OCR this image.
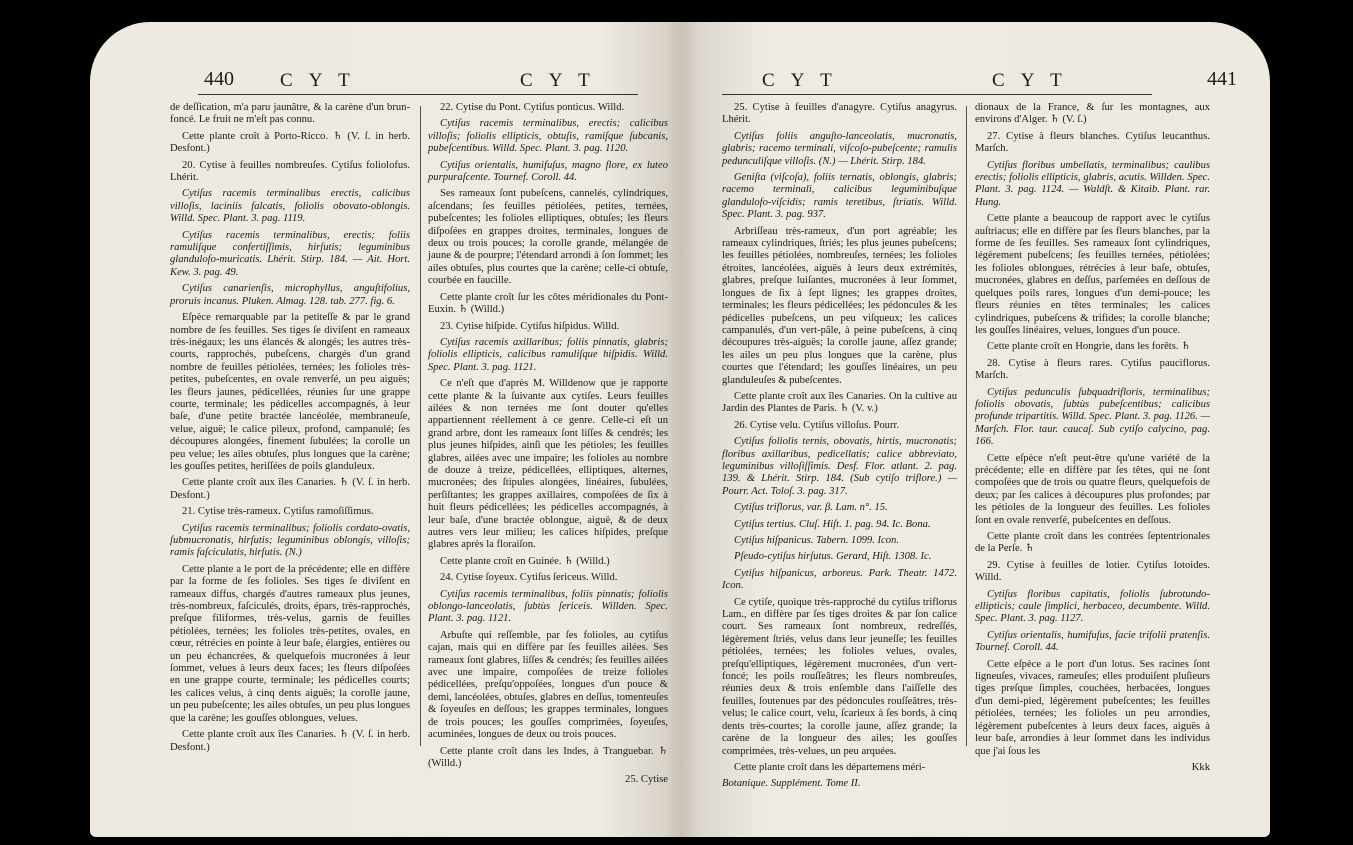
440 C Y T	C Y T

de deſſication, m'a paru jaunâtre, & la carène d'un brun-foncé. Le fruit ne m'eſt pas connu.

Cette plante croît à Porto-Ricco. ♄ (V. ſ. in herb. Desfont.)

20. Cytise à feuilles nombreuſes. Cytiſus foliolofus. Lhérit.

Cytiſus racemis terminalibus erectis, calicibus villoſis, laciniis falcatis, foliolis obovato-oblongis. Willd. Spec. Plant. 3. pag. 1119.

Cytiſus racemis terminalibus, erectis; foliis ramuliſque confertiſſimis, hirſutis; leguminibus glandulofo-muricatis. Lhérit. Stirp. 184. — Ait. Hort. Kew. 3. pag. 49.

Cytiſus canarienſis, microphyllus, anguſtifolius, proruis incanus. Pluken. Almag. 128. tab. 277. fig. 6.

Eſpèce remarquable par la petiteſſe & par le grand nombre de ſes feuilles. Ses tiges ſe diviſent en rameaux très-inégaux; les uns élancés & alongés; les autres très-courts, rapprochés, pubeſcens, chargés d'un grand nombre de feuilles pétiolées, ternées; les folioles très-petites, pubeſcentes, en ovale renverſé, un peu aiguës; les fleurs jaunes, pédicellées, réunies ſur une grappe courte, terminale; les pédicelles accompagnés, à leur baſe, d'une petite bractée lancéolée, membraneuſe, velue, aiguë; le calice pileux, profond, campanulé; ſes découpures alongées, finement ſubulées; la corolle un peu velue; les ailes obtuſes, plus longues que la carène; les gouſſes petites, heriſſées de poils glanduleux.

Cette plante croît aux îles Canaries. ♄ (V. ſ. in herb. Desfont.)

21. Cytise très-rameux. Cytiſus ramoſiſſimus.

Cytiſus racemis terminalibus; foliolis cordato-ovatis, ſubmucronatis, hirſutis; leguminibus oblongis, villoſis; ramis faſciculatis, hirſutis. (N.)

Cette plante a le port de la précédente; elle en diffère par la forme de ſes folioles. Ses tiges ſe diviſent en rameaux diffus, chargés d'autres rameaux plus jeunes, très-nombreux, faſciculés, droits, épars, très-rapprochés, preſque filiformes, très-velus, garnis de feuilles pétiolées, ternées; les folioles très-petites, ovales, en cœur, rétrécies en pointe à leur baſe, élargies, entières ou un peu échancrées, & quelquefois mucronées à leur ſommet, velues à leurs deux faces; les fleurs diſpoſées en une grappe courte, terminale; les pédicelles courts; les calices velus, à cinq dents aiguës; la corolle jaune, un peu pubeſcente; les ailes obtuſes, un peu plus longues que la carène; les gouſſes oblongues, velues.

Cette plante croît aux îles Canaries. ♄ (V. ſ. in herb. Desfont.)

22. Cytise du Pont. Cytiſus ponticus. Willd.

Cytiſus racemis terminalibus, erectis; calicibus villoſis; foliolis ellipticis, obtuſis, ramiſque ſubcanis, pubeſcentibus. Willd. Spec. Plant. 3. pag. 1120.

Cytiſus orientalis, humifuſus, magno flore, ex luteo purpuraſcente. Tournef. Coroll. 44.

Ses rameaux ſont pubeſcens, cannelés, cylindriques, aſcendans; ſes feuilles pétiolées, petites, ternées, pubeſcentes; les folioles elliptiques, obtuſes; les fleurs diſpoſées en grappes droites, terminales, longues de deux ou trois pouces; la corolle grande, mélangée de jaune & de pourpre; l'étendard arrondi à ſon ſommet; les ailes obtuſes, plus courtes que la carène; celle-ci obtuſe, courbée en faucille.

Cette plante croît ſur les côtes méridionales du Pont-Euxin. ♄ (Willd.)

23. Cytise hiſpide. Cytiſus hiſpidus. Willd.

Cytiſus racemis axillaribus; foliis pinnatis, glabris; foliolis ellipticis, calicibus ramuliſque hiſpidis. Willd. Spec. Plant. 3. pag. 1121.

Ce n'eſt que d'après M. Willdenow que je rapporte cette plante & la ſuivante aux cytiſes. Leurs feuilles ailées & non ternées me ſont douter qu'elles appartiennent réellement à ce genre. Celle-ci eſt un grand arbre, dont les rameaux ſont liſſes & cendrés; les plus jeunes hiſpides, ainſi que les pétioles; les feuilles glabres, ailées avec une impaire; les folioles au nombre de douze à treize, pédicellées, elliptiques, alternes, mucronées; des ſtipules alongées, linéaires, ſubulées, perſiſtantes; les grappes axillaires, compoſées de ſix à huit fleurs pédicellées; les pédicelles accompagnés, à leur baſe, d'une bractée oblongue, aiguë, & de deux autres vers leur milieu; les calices hiſpides, preſque glabres après la floraiſon.

Cette plante croît en Guinée. ♄ (Willd.)

24. Cytise ſoyeux. Cytiſus ſericeus. Willd.

Cytiſus racemis terminalibus, foliis pinnatis; foliolis oblongo-lanceolatis, ſubtùs ſericeis. Willden. Spec. Plant. 3. pag. 1121.

Arbuſte qui reſſemble, par ſes folioles, au cytiſus cajan, mais qui en diffère par ſes feuilles ailées. Ses rameaux ſont glabres, liſſes & cendrés; ſes feuilles ailées avec une impaire, compoſées de treize folioles pédicellées, preſqu'oppoſées, longues d'un pouce & demi, lancéolées, obtuſes, glabres en deſſus, tomenteuſes & ſoyeuſes en deſſous; les grappes terminales, longues de trois pouces; les gouſſes comprimées, ſoyeuſes, acuminées, longues de deux ou trois pouces.

Cette plante croît dans les Indes, à Tranguebar. ♄ (Willd.)

25. Cytise

C Y T	C Y T	441

25. Cytise à feuilles d'anagyre. Cytiſus anagyrus. Lhérit.

Cytiſus foliis anguſto-lanceolatis, mucronatis, glabris; racemo terminali, viſcoſo-pubeſcente; ramulis pedunculiſque villoſis. (N.) — Lhérit. Stirp. 184.

Geniſta (viſcoſa), foliis ternatis, oblongis, glabris; racemo terminali, calicibus leguminibuſque glandulofo-viſcidis; ramis teretibus, ſtriatis. Willd. Spec. Plant. 3. pag. 937.

Arbriſſeau très-rameux, d'un port agréable; les rameaux cylindriques, ſtriés; les plus jeunes pubeſcens; les feuilles pétiolées, nombreuſes, ternées; les folioles étroites, lancéolées, aiguës à leurs deux extrémités, glabres, preſque luiſantes, mucronées à leur ſommet, longues de ſix à ſept lignes; les grappes droites, terminales; les fleurs pédicellées; les pédoncules & les pédicelles pubeſcens, un peu viſqueux; les calices campanulés, d'un vert-pâle, à peine pubeſcens, à cinq découpures très-aiguës; la corolle jaune, aſſez grande; les ailes un peu plus longues que la carène, plus courtes que l'étendard; les gouſſes linéaires, un peu glanduleuſes & pubeſcentes.

Cette plante croît aux îles Canaries. On la cultive au Jardin des Plantes de Paris. ♄ (V. v.)

26. Cytise velu. Cytiſus villoſus. Pourr.

Cytiſus foliolis ternis, obovatis, hirtis, mucronatis; floribus axillaribus, pedicellatis; calice abbreviato, leguminibus villoſiſſimis. Desf. Flor. atlant. 2. pag. 139. & Lhérit. Stirp. 184. (Sub cytiſo triflore.) — Pourr. Act. Toloſ. 3. pag. 317.

Cytiſus triflorus, var. β. Lam. n°. 15.

Cytiſus tertius. Cluſ. Hiſt. 1. pag. 94. Ic. Bona.

Cytiſus hiſpanicus. Tabern. 1099. Icon.

Pſeudo-cytiſus hirſutus. Gerard, Hiſt. 1308. Ic.

Cytiſus hiſpanicus, arboreus. Park. Theatr. 1472. Icon.

Ce cytiſe, quoique très-rapproché du cytiſus triflorus Lam., en diffère par ſes tiges droites & par ſon calice court. Ses rameaux ſont nombreux, redreſſés, légèrement ſtriés, velus dans leur jeuneſſe; les feuilles pétiolées, ternées; les folioles velues, ovales, preſqu'elliptiques, légèrement mucronées, d'un vert-foncé; les poils rouſſeâtres; les fleurs nombreuſes, réunies deux & trois enſemble dans l'aiſſelle des feuilles, ſoutenues par des pédoncules rouſſeâtres, très-velus; le calice court, velu, ſcarieux à ſes bords, à cinq dents très-courtes; la corolle jaune, aſſez grande; la carène de la longueur des ailes; les gouſſes comprimées, très-velues, un peu arquées.

Cette plante croît dans les départemens méri-

Botanique. Supplément. Tome II.

dionaux de la France, & ſur les montagnes, aux environs d'Alger. ♄ (V. ſ.)

27. Cytise à fleurs blanches. Cytiſus leucanthus. Marſch.

Cytiſus floribus umbellatis, terminalibus; caulibus erectis; foliolis ellipticis, glabris, acutis. Willden. Spec. Plant. 3. pag. 1124. — Waldſt. & Kitaib. Plant. rar. Hung.

Cette plante a beaucoup de rapport avec le cytiſus auſtriacus; elle en diffère par ſes fleurs blanches, par la forme de ſes feuilles. Ses rameaux ſont cylindriques, légèrement pubeſcens; ſes feuilles ternées, pétiolées; les folioles oblongues, rétrécies à leur baſe, obtuſes, mucronées, glabres en deſſus, parſemées en deſſous de quelques poils rares, longues d'un demi-pouce; les fleurs réunies en têtes terminales; les calices cylindriques, pubeſcens & trifides; la corolle blanche; les gouſſes linéaires, velues, longues d'un pouce.

Cette plante croît en Hongrie, dans les forêts. ♄

28. Cytise à fleurs rares. Cytiſus pauciflorus. Marſch.

Cytiſus pedunculis ſubquadrifloris, terminalibus; foliolis obovatis, ſubtùs pubeſcentibus; calicibus profunde tripartitis. Willd. Spec. Plant. 3. pag. 1126. — Marſch. Flor. taur. caucaſ. Sub cytiſo calycino, pag. 166.

Cette eſpèce n'eſt peut-être qu'une variété de la précédente; elle en diffère par ſes têtes, qui ne ſont compoſées que de trois ou quatre fleurs, quelquefois de deux; par ſes calices à découpures plus profondes; par les pétioles de la longueur des feuilles. Les folioles ſont en ovale renverſé, pubeſcentes en deſſous.

Cette plante croît dans les contrées ſeptentrionales de la Perſe. ♄

29. Cytise à feuilles de lotier. Cytiſus lotoides. Willd.

Cytiſus floribus capitatis, foliolis ſubrotundo-ellipticis; caule ſimplici, herbaceo, decumbente. Willd. Spec. Plant. 3. pag. 1127.

Cytiſus orientalis, humifuſus, facie trifolii pratenſis. Tournef. Coroll. 44.

Cette eſpèce a le port d'un lotus. Ses racines ſont ligneuſes, vivaces, rameuſes; elles produiſent pluſieurs tiges preſque ſimples, couchées, herbacées, longues d'un demi-pied, légèrement pubeſcentes; les feuilles pétiolées, ternées; les folioles un peu arrondies, légèrement pubeſcentes à leurs deux faces, aiguës à leur baſe, arrondies à leur ſommet dans les individus que j'ai ſous les

Kkk
